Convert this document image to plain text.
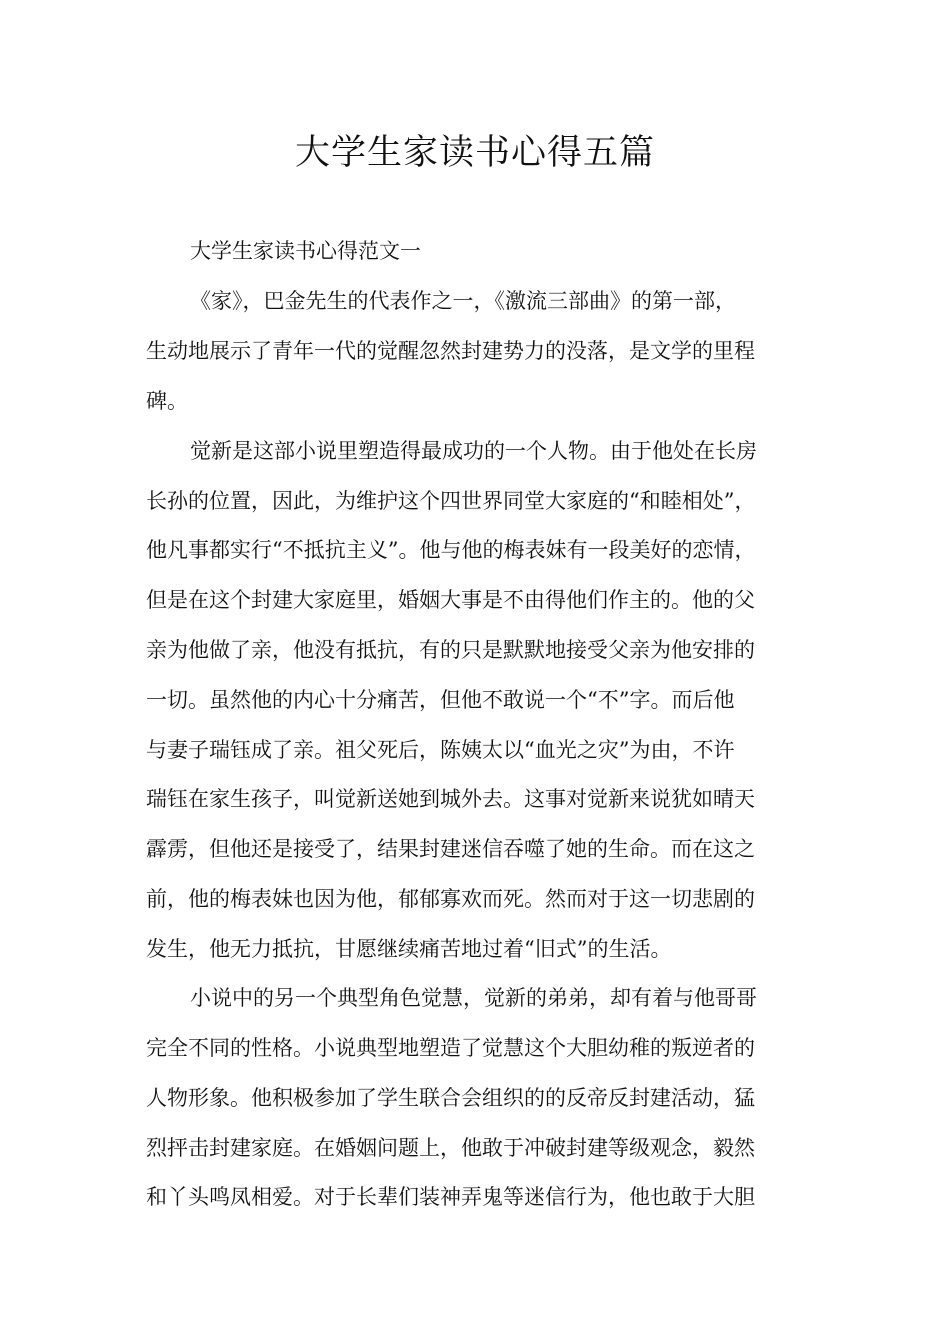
大学生家读书心得五篇

大学生家读书心得范文一

《家》，巴金先生的代表作之一，《激流三部曲》的第一部，

生动地展示了青年一代的觉醒忽然封建势力的没落，是文学的里程

碑。

觉新是这部小说里塑造得最成功的一个人物。由于他处在长房

长孙的位置，因此，为维护这个四世界同堂大家庭的“和睦相处”，

他凡事都实行“不抵抗主义”。他与他的梅表妹有一段美好的恋情，

但是在这个封建大家庭里，婚姻大事是不由得他们作主的。他的父

亲为他做了亲，他没有抵抗，有的只是默默地接受父亲为他安排的

一切。虽然他的内心十分痛苦，但他不敢说一个“不”字。而后他

与妻子瑞钰成了亲。祖父死后，陈姨太以“血光之灾”为由，不许

瑞钰在家生孩子，叫觉新送她到城外去。这事对觉新来说犹如晴天

霹雳，但他还是接受了，结果封建迷信吞噬了她的生命。而在这之

前，他的梅表妹也因为他，郁郁寡欢而死。然而对于这一切悲剧的

发生，他无力抵抗，甘愿继续痛苦地过着“旧式”的生活。

小说中的另一个典型角色觉慧，觉新的弟弟，却有着与他哥哥

完全不同的性格。小说典型地塑造了觉慧这个大胆幼稚的叛逆者的

人物形象。他积极参加了学生联合会组织的的反帝反封建活动，猛

烈抨击封建家庭。在婚姻问题上，他敢于冲破封建等级观念，毅然

和丫头鸣凤相爱。对于长辈们装神弄鬼等迷信行为，他也敢于大胆
